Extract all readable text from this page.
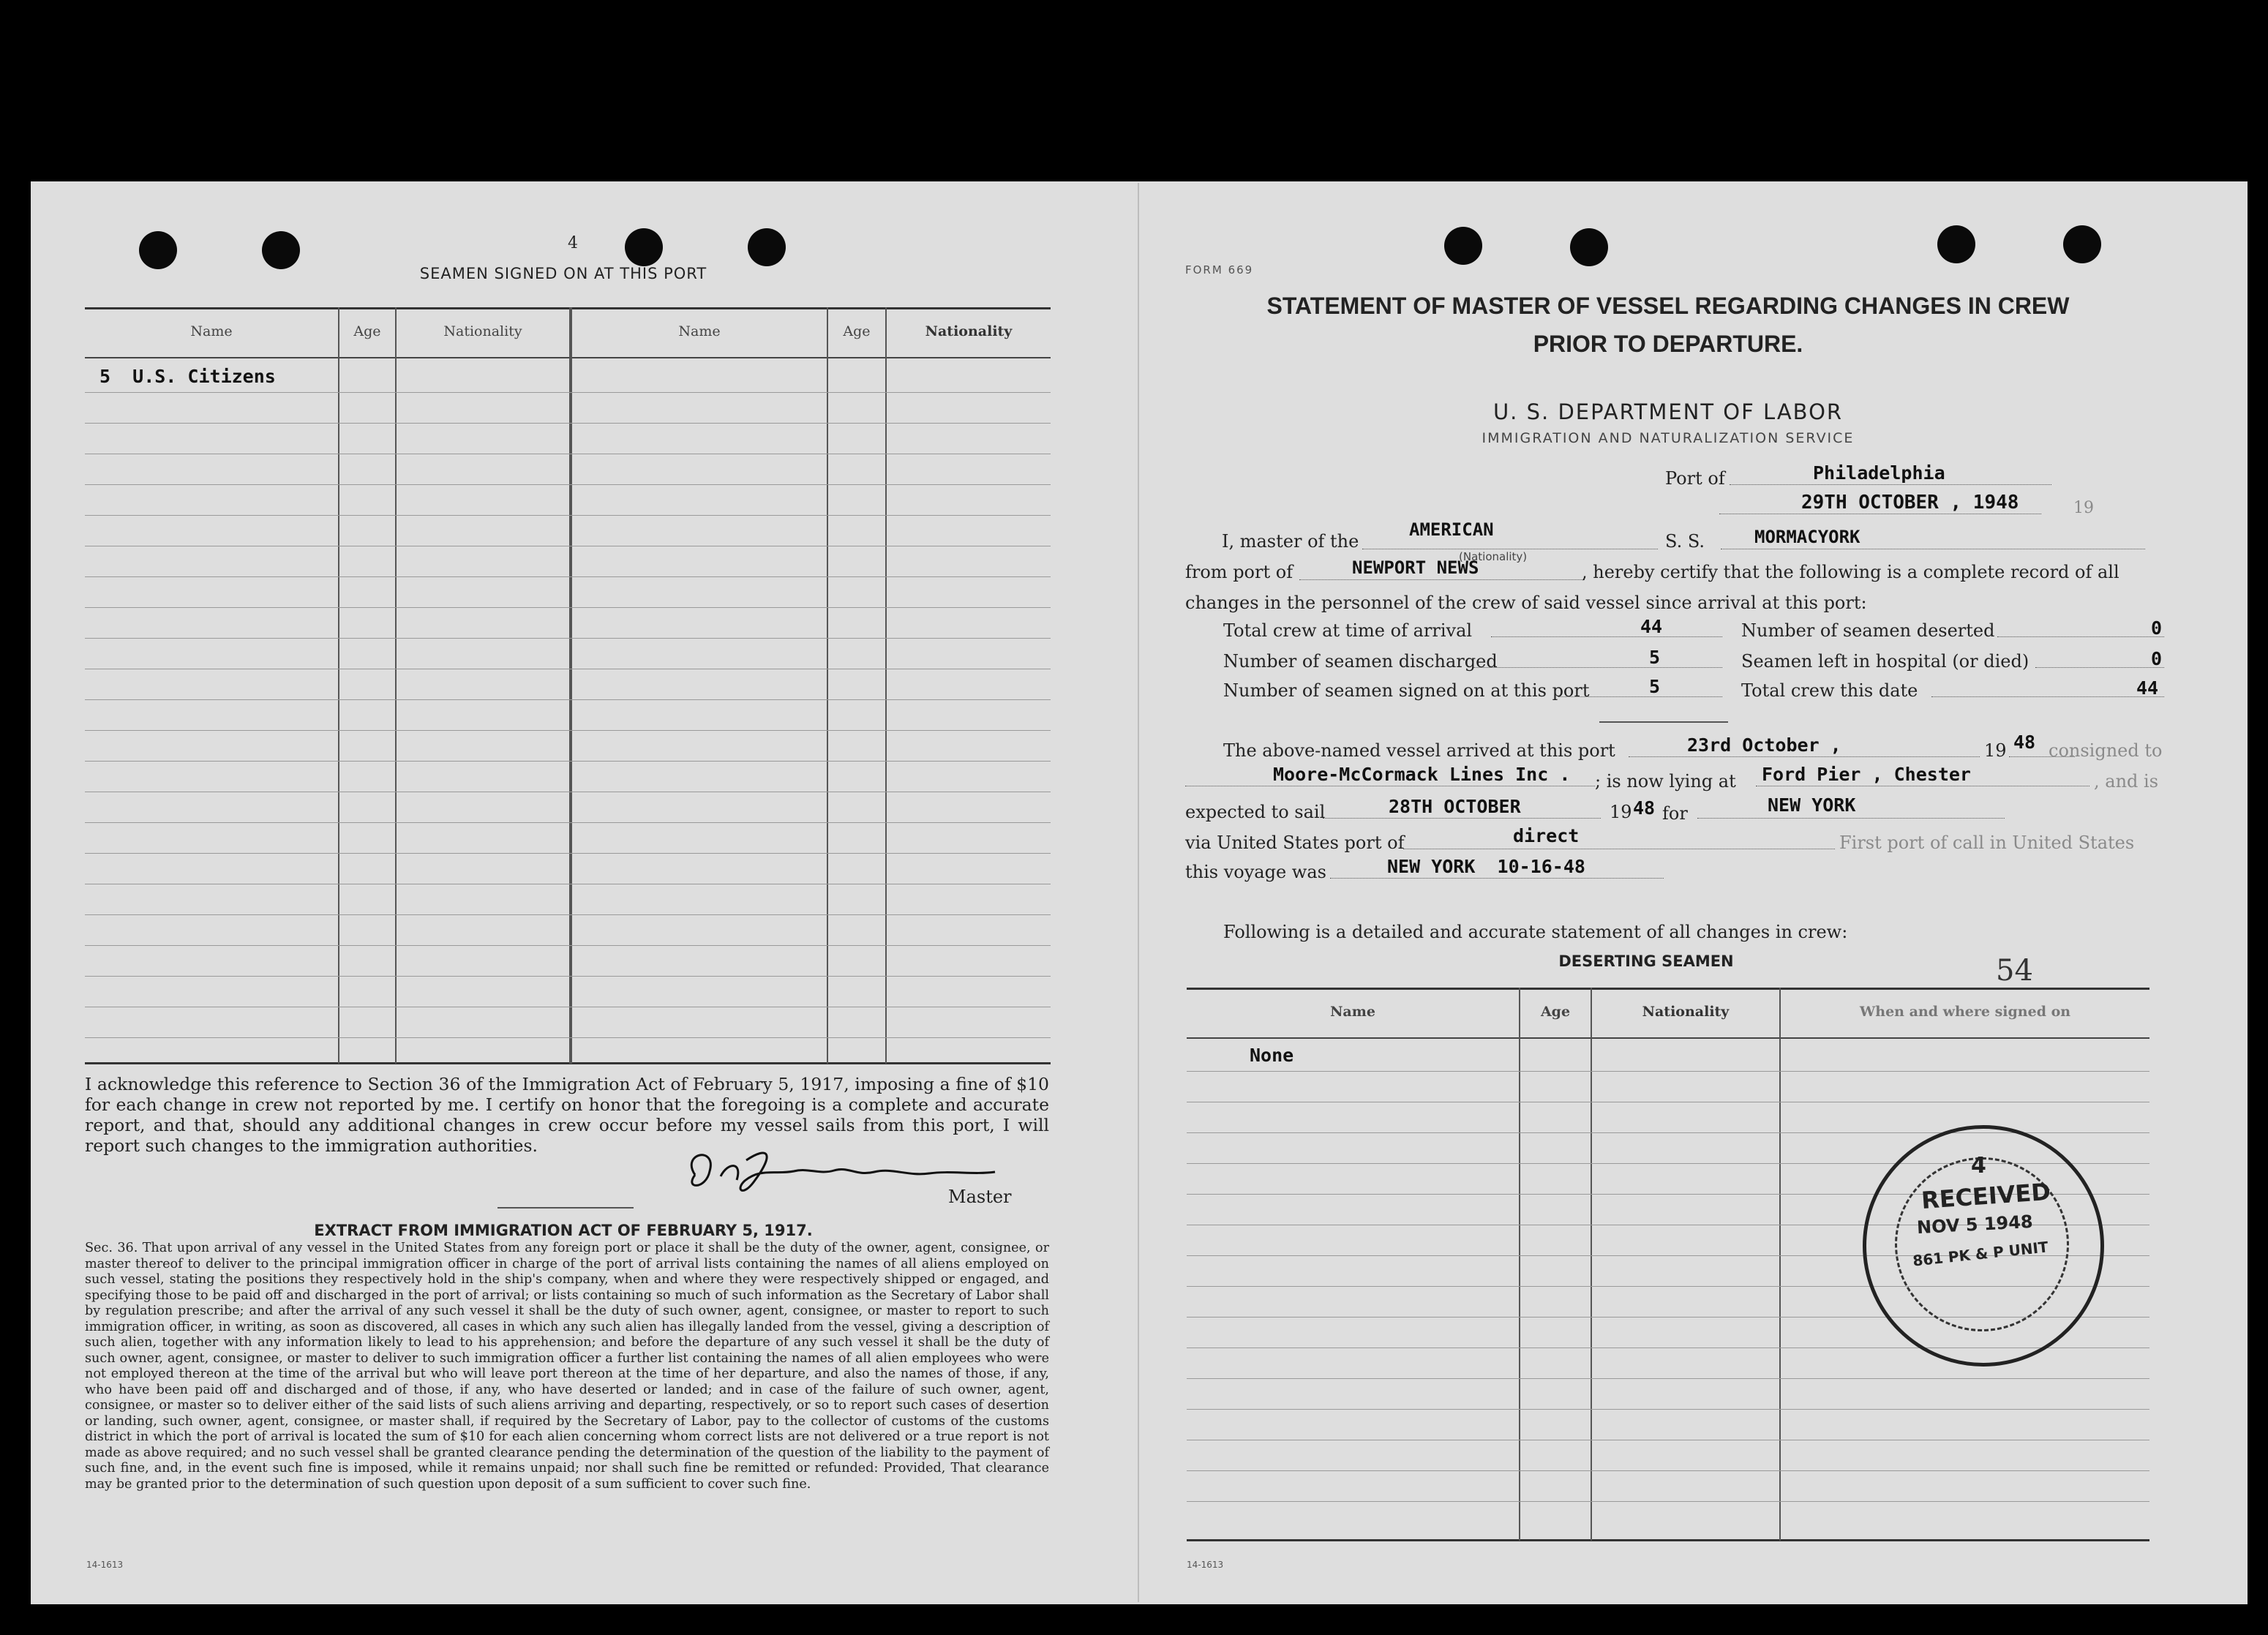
4
SEAMEN SIGNED ON AT THIS PORT
Name	Age	Nationality	Name	Age	Nationality
5  U.S. Citizens
I acknowledge this reference to Section 36 of the Immigration Act of February 5, 1917, imposing a fine of $10 for each change in crew not reported by me. I certify on honor that the foregoing is a complete and accurate report, and that, should any additional changes in crew occur before my vessel sails from this port, I will report such changes to the immigration authorities.
Master
EXTRACT FROM IMMIGRATION ACT OF FEBRUARY 5, 1917.
Sec. 36. That upon arrival of any vessel in the United States from any foreign port or place it shall be the duty of the owner, agent, consignee, or master thereof to deliver to the principal immigration officer in charge of the port of arrival lists containing the names of all aliens employed on such vessel, stating the positions they respectively hold in the ship's company, when and where they were respectively shipped or engaged, and specifying those to be paid off and discharged in the port of arrival; or lists containing so much of such information as the Secretary of Labor shall by regulation prescribe; and after the arrival of any such vessel it shall be the duty of such owner, agent, consignee, or master to report to such immigration officer, in writing, as soon as discovered, all cases in which any such alien has illegally landed from the vessel, giving a description of such alien, together with any information likely to lead to his apprehension; and before the departure of any such vessel it shall be the duty of such owner, agent, consignee, or master to deliver to such immigration officer a further list containing the names of all alien employees who were not employed thereon at the time of the arrival but who will leave port thereon at the time of her departure, and also the names of those, if any, who have been paid off and discharged and of those, if any, who have deserted or landed; and in case of the failure of such owner, agent, consignee, or master so to deliver either of the said lists of such aliens arriving and departing, respectively, or so to report such cases of desertion or landing, such owner, agent, consignee, or master shall, if required by the Secretary of Labor, pay to the collector of customs of the customs district in which the port of arrival is located the sum of $10 for each alien concerning whom correct lists are not delivered or a true report is not made as above required; and no such vessel shall be granted clearance pending the determination of the question of the liability to the payment of such fine, and, in the event such fine is imposed, while it remains unpaid; nor shall such fine be remitted or refunded: Provided, That clearance may be granted prior to the determination of such question upon deposit of a sum sufficient to cover such fine.
14-1613
FORM 669
STATEMENT OF MASTER OF VESSEL REGARDING CHANGES IN CREW
PRIOR TO DEPARTURE.
U. S. DEPARTMENT OF LABOR
IMMIGRATION AND NATURALIZATION SERVICE
Port of	Philadelphia
29TH OCTOBER , 1948	19
I, master of the
AMERICAN
S. S.	MORMACYORK
from port of	NEWPORT NEWS
(Nationality)
, hereby certify that the following is a complete record of all
changes in the personnel of the crew of said vessel since arrival at this port:
Total crew at time of arrival	44
Number of seamen discharged	5
Number of seamen signed on at this port	5
Number of seamen deserted	0
Seamen left in hospital (or died)	0
Total crew this date	44
The above-named vessel arrived at this port	23rd October ,	19 48 consigned to
Moore-McCormack Lines Inc . ; is now lying at Ford Pier , Chester	, and is
expected to sail	28TH OCTOBER	19 48 for	NEW YORK
via United States port of	direct	First port of call in United States
this voyage was	NEW YORK  10-16-48
Following is a detailed and accurate statement of all changes in crew:
DESERTING SEAMEN	54
Name	Age	Nationality	When and where signed on
None
14-1613
4
RECEIVED
NOV 5 1948
861 PK & P UNIT
